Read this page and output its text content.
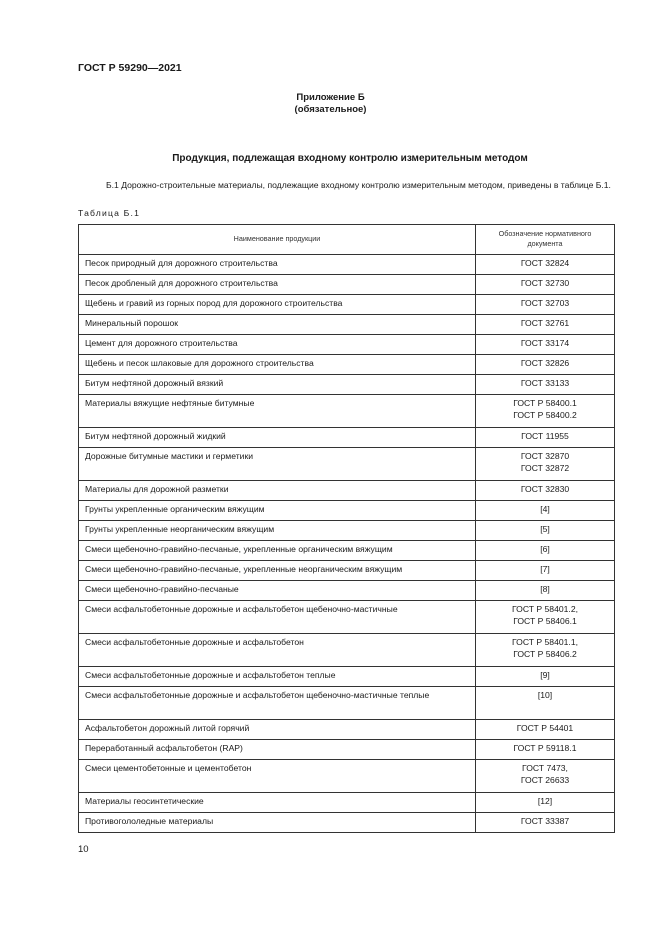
ГОСТ Р 59290—2021
Приложение Б
(обязательное)
Продукция, подлежащая входному контролю измерительным методом
Б.1 Дорожно-строительные материалы, подлежащие входному контролю измерительным методом, приведены в таблице Б.1.
Таблица Б.1
Наименование продукции	Обозначение нормативного документа
Песок природный для дорожного строительства	ГОСТ 32824
Песок дробленый для дорожного строительства	ГОСТ 32730
Щебень и гравий из горных пород для дорожного строительства	ГОСТ 32703
Минеральный порошок	ГОСТ 32761
Цемент для дорожного строительства	ГОСТ 33174
Щебень и песок шлаковые для дорожного строительства	ГОСТ 32826
Битум нефтяной дорожный вязкий	ГОСТ 33133
Материалы вяжущие нефтяные битумные	ГОСТ Р 58400.1
ГОСТ Р 58400.2
Битум нефтяной дорожный жидкий	ГОСТ 11955
Дорожные битумные мастики и герметики	ГОСТ 32870
ГОСТ 32872
Материалы для дорожной разметки	ГОСТ 32830
Грунты укрепленные органическим вяжущим	[4]
Грунты укрепленные неорганическим вяжущим	[5]
Смеси щебеночно-гравийно-песчаные, укрепленные органическим вяжущим	[6]
Смеси щебеночно-гравийно-песчаные, укрепленные неорганическим вяжущим	[7]
Смеси щебеночно-гравийно-песчаные	[8]
Смеси асфальтобетонные дорожные и асфальтобетон щебеночно-мастичные	ГОСТ Р 58401.2,
ГОСТ Р 58406.1
Смеси асфальтобетонные дорожные и асфальтобетон	ГОСТ Р 58401.1,
ГОСТ Р 58406.2
Смеси асфальтобетонные дорожные и асфальтобетон теплые	[9]
Смеси асфальтобетонные дорожные и асфальтобетон щебеночно-мастичные теплые	[10]
Асфальтобетон дорожный литой горячий	ГОСТ Р 54401
Переработанный асфальтобетон (RAP)	ГОСТ Р 59118.1
Смеси цементобетонные и цементобетон	ГОСТ 7473,
ГОСТ 26633
Материалы геосинтетические	[12]
Противогололедные материалы	ГОСТ 33387
10
